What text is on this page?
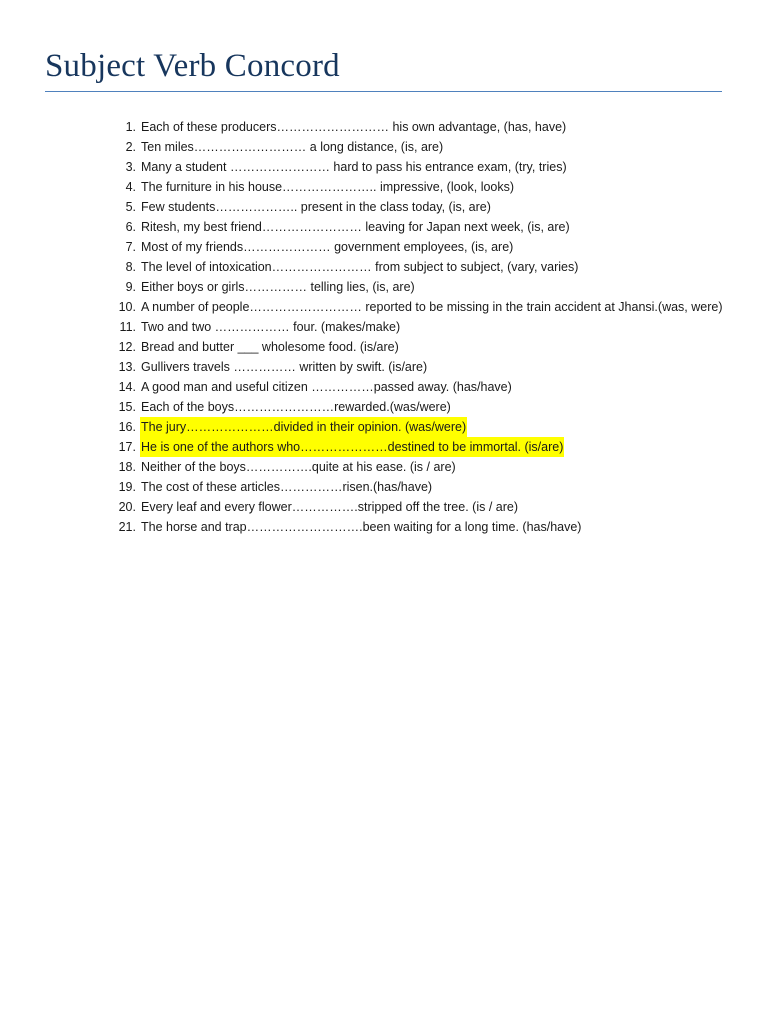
Subject Verb Concord
1. Each of these producers……………………… his own advantage, (has, have)
2. Ten miles……………………… a long distance, (is, are)
3. Many a student …………………… hard to pass his entrance exam, (try, tries)
4. The furniture in his house………………….. impressive, (look, looks)
5. Few students……………….. present in the class today, (is, are)
6. Ritesh, my best friend…………………… leaving for Japan next week, (is, are)
7. Most of my friends………………… government employees, (is, are)
8. The level of intoxication…………………… from subject to subject, (vary, varies)
9. Either boys or girls…………… telling lies, (is, are)
10. A number of people……………………… reported to be missing in the train accident at Jhansi.(was, were)
11. Two and two ……………… four. (makes/make)
12. Bread and butter ___ wholesome food. (is/are)
13. Gullivers travels …………… written by swift. (is/are)
14. A good man and useful citizen ……………passed away. (has/have)
15. Each of the boys……………………rewarded.(was/were)
16. The jury…………………divided in their opinion. (was/were)
17. He is one of the authors who…………………destined to be immortal. (is/are)
18. Neither of the boys…………….quite at his ease. (is / are)
19. The cost of these articles……………risen.(has/have)
20. Every leaf and every flower…………….stripped off the tree. (is / are)
21. The horse and trap……………………….been waiting for a long time. (has/have)
